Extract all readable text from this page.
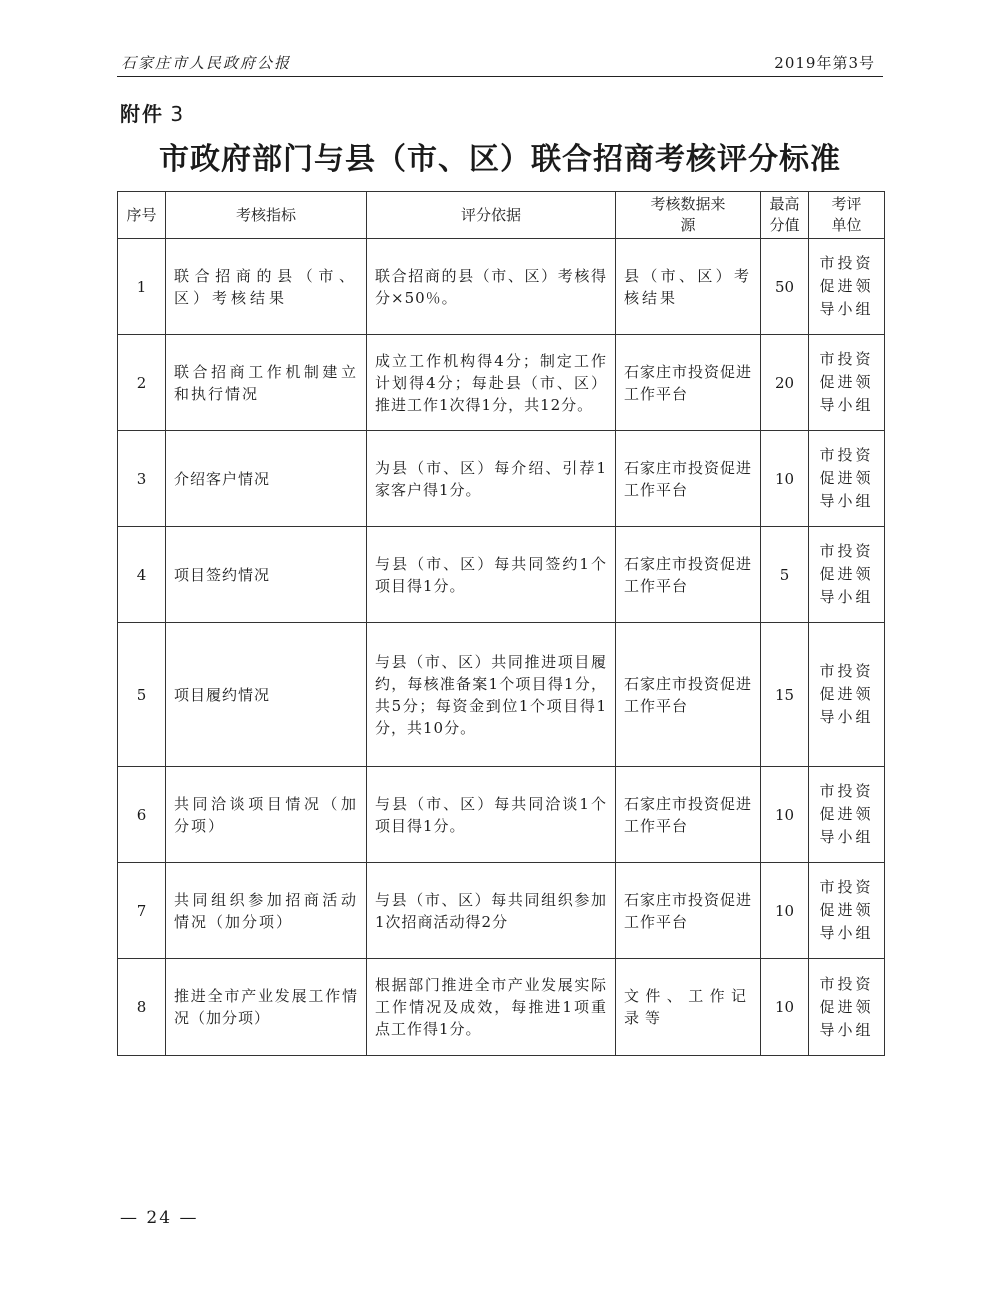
石家庄市人民政府公报	2019年第3号
附件 3
市政府部门与县（市、区）联合招商考核评分标准
序号	考核指标	评分依据	考核数据来源	最高分值	考评单位
1	联合招商的县（市、区）考核结果	联合招商的县（市、区）考核得分×50％。	县（市、区）考核结果	50	市投资促进领导小组
2	联合招商工作机制建立和执行情况	成立工作机构得4分；制定工作计划得4分；每赴县（市、区）推进工作1次得1分，共12分。	石家庄市投资促进工作平台	20	市投资促进领导小组
3	介绍客户情况	为县（市、区）每介绍、引荐1家客户得1分。	石家庄市投资促进工作平台	10	市投资促进领导小组
4	项目签约情况	与县（市、区）每共同签约1个项目得1分。	石家庄市投资促进工作平台	5	市投资促进领导小组
5	项目履约情况	与县（市、区）共同推进项目履约，每核准备案1个项目得1分，共5分；每资金到位1个项目得1分，共10分。	石家庄市投资促进工作平台	15	市投资促进领导小组
6	共同洽谈项目情况（加分项）	与县（市、区）每共同洽谈1个项目得1分。	石家庄市投资促进工作平台	10	市投资促进领导小组
7	共同组织参加招商活动情况（加分项）	与县（市、区）每共同组织参加1次招商活动得2分	石家庄市投资促进工作平台	10	市投资促进领导小组
8	推进全市产业发展工作情况（加分项）	根据部门推进全市产业发展实际工作情况及成效，每推进1项重点工作得1分。	文件、工作记录等	10	市投资促进领导小组
— 24 —
